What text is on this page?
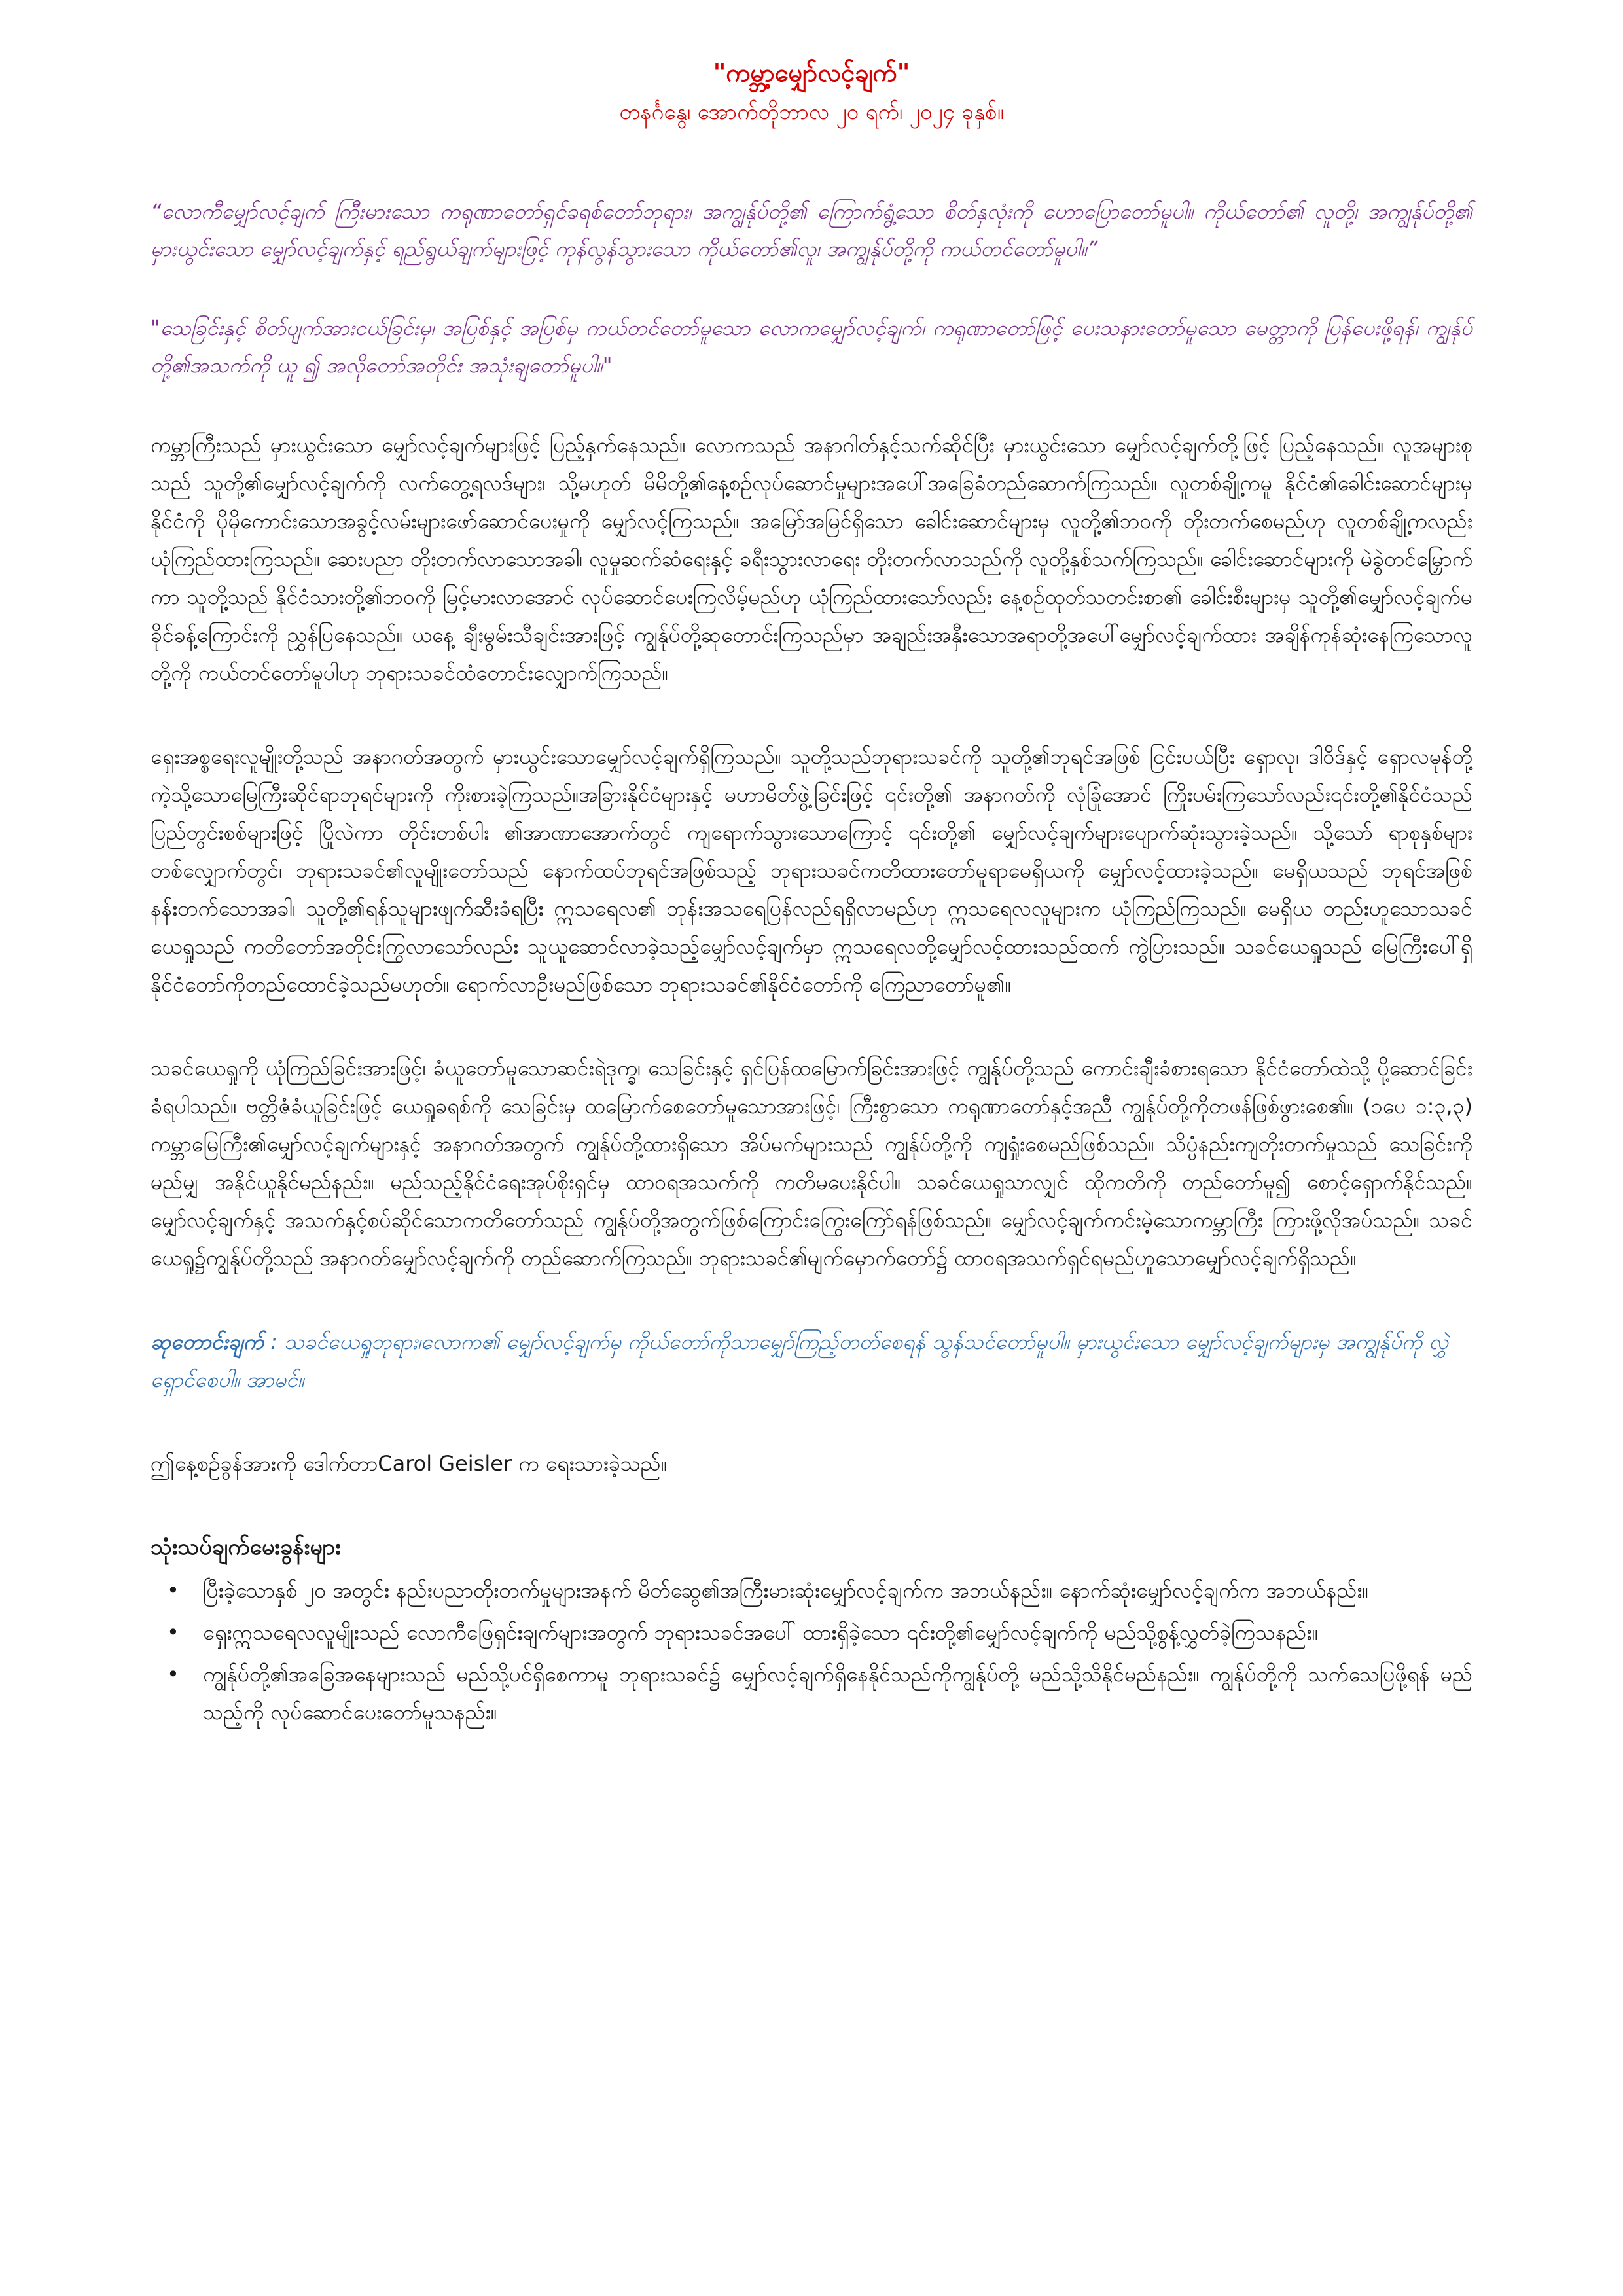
"ကမ္ဘာ့မျှော်လင့်ချက်"

တနင်္ဂနွေ၊ အောက်တိုဘာလ ၂၀ ရက်၊ ၂၀၂၄ ခုနှစ်။

“လောကီမျှော်လင့်ချက် ကြီးမားသော ကရုဏာတော်ရှင်ခရစ်တော်ဘုရား၊ အကျွန်ုပ်တို့၏ ကြောက်ရွံ့သော စိတ်နှလုံးကို ဟောပြောတော်မူပါ။ ကိုယ်တော်၏ လူတို့၊ အကျွန်ုပ်တို့၏ မှားယွင်းသော မျှော်လင့်ချက်နှင့် ရည်ရွယ်ချက်များဖြင့် ကုန်လွန်သွားသော ကိုယ်တော်၏လူ၊ အကျွန်ုပ်တို့ကို ကယ်တင်တော်မူပါ။”

"သေခြင်းနှင့် စိတ်ပျက်အားငယ်ခြင်းမှ၊ အပြစ်နှင့် အပြစ်မှ ကယ်တင်တော်မူသော လောကမျှော်လင့်ချက်၊ ကရုဏာတော်ဖြင့် ပေးသနားတော်မူသော မေတ္တာကို ပြန်ပေးဖို့ရန်၊ ကျွန်ုပ်တို့၏အသက်ကို ယူ ၍ အလိုတော်အတိုင်း အသုံးချတော်မူပါ။"

ကမ္ဘာကြီးသည် မှားယွင်းသော မျှော်လင့်ချက်များဖြင့် ပြည့်နှက်နေသည်။ လောကသည် အနာဂါတ်နှင့်သက်ဆိုင်ပြီး မှားယွင်းသော မျှော်လင့်ချက်တို့ဖြင့် ပြည့်နေသည်။ လူအများစုသည် သူတို့၏မျှော်လင့်ချက်ကို လက်တွေ့ရလဒ်များ၊ သို့မဟုတ် မိမိတို့၏နေ့စဉ်လုပ်ဆောင်မှုများအပေါ်အခြေခံတည်ဆောက်ကြသည်။ လူတစ်ချို့ကမူ နိုင်ငံ၏ခေါင်းဆောင်များမှ နိုင်ငံကို ပိုမိုကောင်းသောအခွင့်လမ်းများဖော်ဆောင်ပေးမှုကို မျှော်လင့်ကြသည်။ အမြော်အမြင်ရှိသော ခေါင်းဆောင်များမှ လူတို့၏ဘဝကို တိုးတက်စေမည်ဟု လူတစ်ချို့ကလည်း ယုံကြည်ထားကြသည်။ ဆေးပညာ တိုးတက်လာသောအခါ၊ လူမှုဆက်ဆံရေးနှင့် ခရီးသွားလာရေး တိုးတက်လာသည်ကို လူတို့နှစ်သက်ကြသည်။ ခေါင်းဆောင်များကို မဲခွဲတင်မြှောက်ကာ သူတို့သည် နိုင်ငံသားတို့၏ဘဝကို မြင့်မားလာအောင် လုပ်ဆောင်ပေးကြလိမ့်မည်ဟု ယုံကြည်ထားသော်လည်း နေ့စဉ်ထုတ်သတင်းစာ၏ ခေါင်းစီးများမှ သူတို့၏မျှော်လင့်ချက်မခိုင်ခန့်ကြောင်းကို ညွှန်ပြနေသည်။ ယနေ့ ချီးမွမ်းသီချင်းအားဖြင့် ကျွန်ုပ်တို့ဆုတောင်းကြသည်မှာ အချည်းအနှီးသောအရာတို့အပေါ်မျှော်လင့်ချက်ထား အချိန်ကုန်ဆုံးနေကြသောလူတို့ကို ကယ်တင်တော်မူပါဟု ဘုရားသခင်ထံတောင်းလျှောက်ကြသည်။

ရှေးအစ္စရေးလူမျိုးတို့သည် အနာဂတ်အတွက် မှားယွင်းသောမျှော်လင့်ချက်ရှိကြသည်။ သူတို့သည်ဘုရားသခင်ကို သူတို့၏ဘုရင်အဖြစ် ငြင်းပယ်ပြီး ရှောလု၊ ဒါဝိဒ်နှင့် ရှောလမုန်တို့ကဲ့သို့သောမြေကြီးဆိုင်ရာဘုရင်များကို ကိုးစားခဲ့ကြသည်။အခြားနိုင်ငံများနှင့် မဟာမိတ်ဖွဲ့ခြင်းဖြင့် ၎င်းတို့၏ အနာဂတ်ကို လုံခြုံအောင် ကြိုးပမ်းကြသော်လည်း၎င်းတို့၏နိုင်ငံသည် ပြည်တွင်းစစ်များဖြင့် ပြိုလဲကာ တိုင်းတစ်ပါး ၏အာဏာအောက်တွင် ကျရောက်သွားသောကြောင့် ၎င်းတို့၏ မျှော်လင့်ချက်များပျောက်ဆုံးသွားခဲ့သည်။ သို့သော် ရာစုနှစ်များတစ်လျှောက်တွင်၊ ဘုရားသခင်၏လူမျိုးတော်သည် နောက်ထပ်ဘုရင်အဖြစ်သည့် ဘုရားသခင်ကတိထားတော်မူရာမေရှိယကို မျှော်လင့်ထားခဲ့သည်။ မေရှိယသည် ဘုရင်အဖြစ် နန်းတက်သောအခါ၊ သူတို့၏ရန်သူများဖျက်ဆီးခံရပြီး ဣသရေလ၏ ဘုန်းအသရေပြန်လည်ရရှိလာမည်ဟု ဣသရေလလူများက ယုံကြည်ကြသည်။ မေရှိယ တည်းဟူသောသခင်ယေရှုသည် ကတိတော်အတိုင်းကြွလာသော်လည်း သူယူဆောင်လာခဲ့သည့်မျှော်လင့်ချက်မှာ ဣသရေလတို့မျှော်လင့်ထားသည်ထက် ကွဲပြားသည်။ သခင်ယေရှုသည် မြေကြီးပေါ်ရှိနိုင်ငံတော်ကိုတည်ထောင်ခဲ့သည်မဟုတ်။ ရောက်လာဦးမည်ဖြစ်သော ဘုရားသခင်၏နိုင်ငံတော်ကို ကြေညာတော်မူ၏။

သခင်ယေရှုကို ယုံကြည်ခြင်းအားဖြင့်၊ ခံယူတော်မူသောဆင်းရဲဒုက္ခ၊ သေခြင်းနှင့် ရှင်ပြန်ထမြောက်ခြင်းအားဖြင့် ကျွန်ုပ်တို့သည် ကောင်းချီးခံစားရသော နိုင်ငံတော်ထဲသို့ ပို့ဆောင်ခြင်းခံရပါသည်။ ဗတ္တိဇံခံယူခြင်းဖြင့် ယေရှုခရစ်ကို သေခြင်းမှ ထမြောက်စေတော်မူသောအားဖြင့်၊ ကြီးစွာသော ကရုဏာတော်နှင့်အညီ ကျွန်ုပ်တို့ကိုတဖန်ဖြစ်ဖွားစေ၏။ (၁ပေ ၁:၃,၃) ကမ္ဘာမြေကြီး၏မျှော်လင့်ချက်များနှင့် အနာဂတ်အတွက် ကျွန်ုပ်တို့ထားရှိသော အိပ်မက်များသည် ကျွန်ုပ်တို့ကို ကျရှုံးစေမည်ဖြစ်သည်။ သိပ္ပံနည်းကျတိုးတက်မှုသည် သေခြင်းကို မည်မျှ အနိုင်ယူနိုင်မည်နည်း။ မည်သည့်နိုင်ငံရေးအုပ်စိုးရှင်မှ ထာဝရအသက်ကို ကတိမပေးနိုင်ပါ။ သခင်ယေရှုသာလျှင် ထိုကတိကို တည်တော်မူ၍ စောင့်ရှောက်နိုင်သည်။ မျှော်လင့်ချက်နှင့် အသက်နှင့်စပ်ဆိုင်သောကတိတော်သည် ကျွန်ုပ်တို့အတွက်ဖြစ်ကြောင်းကြွေးကြော်ရန်ဖြစ်သည်။ မျှော်လင့်ချက်ကင်းမဲ့သောကမ္ဘာကြီး ကြားဖို့လိုအပ်သည်။ သခင်ယေရှု၌ကျွန်ုပ်တို့သည် အနာဂတ်မျှော်လင့်ချက်ကို တည်ဆောက်ကြသည်။ ဘုရားသခင်၏မျက်မှောက်တော်၌ ထာဝရအသက်ရှင်ရမည်ဟူသောမျှော်လင့်ချက်ရှိသည်။

ဆုတောင်းချက် : သခင်ယေရှုဘုရား၊လောက၏ မျှော်လင့်ချက်မှ ကိုယ်တော်ကိုသာမျှော်ကြည့်တတ်စေရန် သွန်သင်တော်မူပါ။ မှားယွင်းသော မျှော်လင့်ချက်များမှ အကျွန်ုပ်ကို လွှဲရှောင်စေပါ။ အာမင်။

ဤနေ့စဉ်ခွန်အားကို ဒေါက်တာCarol Geisler က ရေးသားခဲ့သည်။

သုံးသပ်ချက်မေးခွန်းများ

• ပြီးခဲ့သောနှစ် ၂၀ အတွင်း နည်းပညာတိုးတက်မှုများအနက် မိတ်ဆွေ၏အကြီးမားဆုံးမျှော်လင့်ချက်က အဘယ်နည်း။ နောက်ဆုံးမျှော်လင့်ချက်က အဘယ်နည်း။
• ရှေးဣသရေလလူမျိုးသည် လောကီဖြေရှင်းချက်များအတွက် ဘုရားသခင်အပေါ် ထားရှိခဲ့သော ၎င်းတို့၏မျှော်လင့်ချက်ကို မည်သို့စွန့်လွှတ်ခဲ့ကြသနည်း။
• ကျွန်ုပ်တို့၏အခြေအနေများသည် မည်သို့ပင်ရှိစေကာမူ ဘုရားသခင်၌ မျှော်လင့်ချက်ရှိနေနိုင်သည်ကိုကျွန်ုပ်တို့ မည်သို့သိနိုင်မည်နည်း။ ကျွန်ုပ်တို့ကို သက်သေပြဖို့ရန် မည်သည့်ကို လုပ်ဆောင်ပေးတော်မူသနည်း။
